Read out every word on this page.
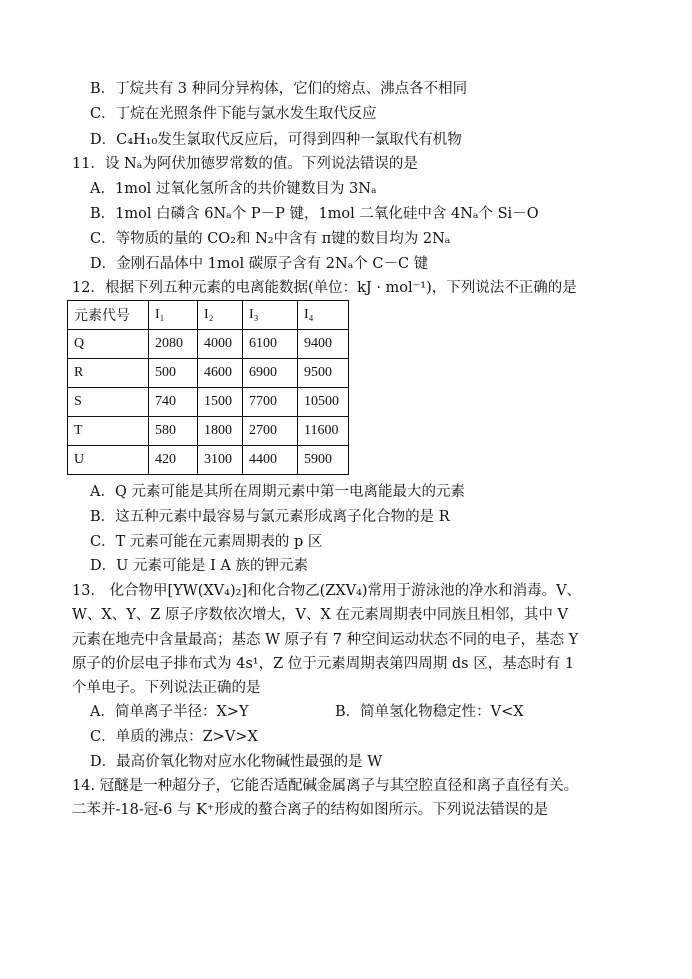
B．丁烷共有 3 种同分异构体，它们的熔点、沸点各不相同
C．丁烷在光照条件下能与氯水发生取代反应
D．C₄H₁₀发生氯取代反应后，可得到四种一氯取代有机物
11．设 Nₐ为阿伏加德罗常数的值。下列说法错误的是
A．1mol 过氧化氢所含的共价键数目为 3Nₐ
B．1mol 白磷含 6Nₐ个 P－P 键，1mol 二氧化硅中含 4Nₐ个 Si－O
C．等物质的量的 CO₂和 N₂中含有 π键的数目均为 2Nₐ
D．金刚石晶体中 1mol 碳原子含有 2Nₐ个 C－C 键
12．根据下列五种元素的电离能数据(单位：kJ · mol⁻¹)，下列说法不正确的是
元素代号	I₁	I₂	I₃	I₄
Q	2080	4000	6100	9400
R	500	4600	6900	9500
S	740	1500	7700	10500
T	580	1800	2700	11600
U	420	3100	4400	5900
A．Q 元素可能是其所在周期元素中第一电离能最大的元素
B．这五种元素中最容易与氯元素形成离子化合物的是 R
C．T 元素可能在元素周期表的 p 区
D．U 元素可能是 I A 族的钾元素
13． 化合物甲[YW(XV₄)₂]和化合物乙(ZXV₄)常用于游泳池的净水和消毒。V、
W、X、Y、Z 原子序数依次增大，V、X 在元素周期表中同族且相邻，其中 V
元素在地壳中含量最高；基态 W 原子有 7 种空间运动状态不同的电子，基态 Y
原子的价层电子排布式为 4s¹，Z 位于元素周期表第四周期 ds 区，基态时有 1
个单电子。下列说法正确的是
A．简单离子半径：X>Y	B．简单氢化物稳定性：V<X
C．单质的沸点：Z>V>X
D．最高价氧化物对应水化物碱性最强的是 W
14. 冠醚是一种超分子，它能否适配碱金属离子与其空腔直径和离子直径有关。
二苯并-18-冠-6 与 K⁺形成的螯合离子的结构如图所示。下列说法错误的是
